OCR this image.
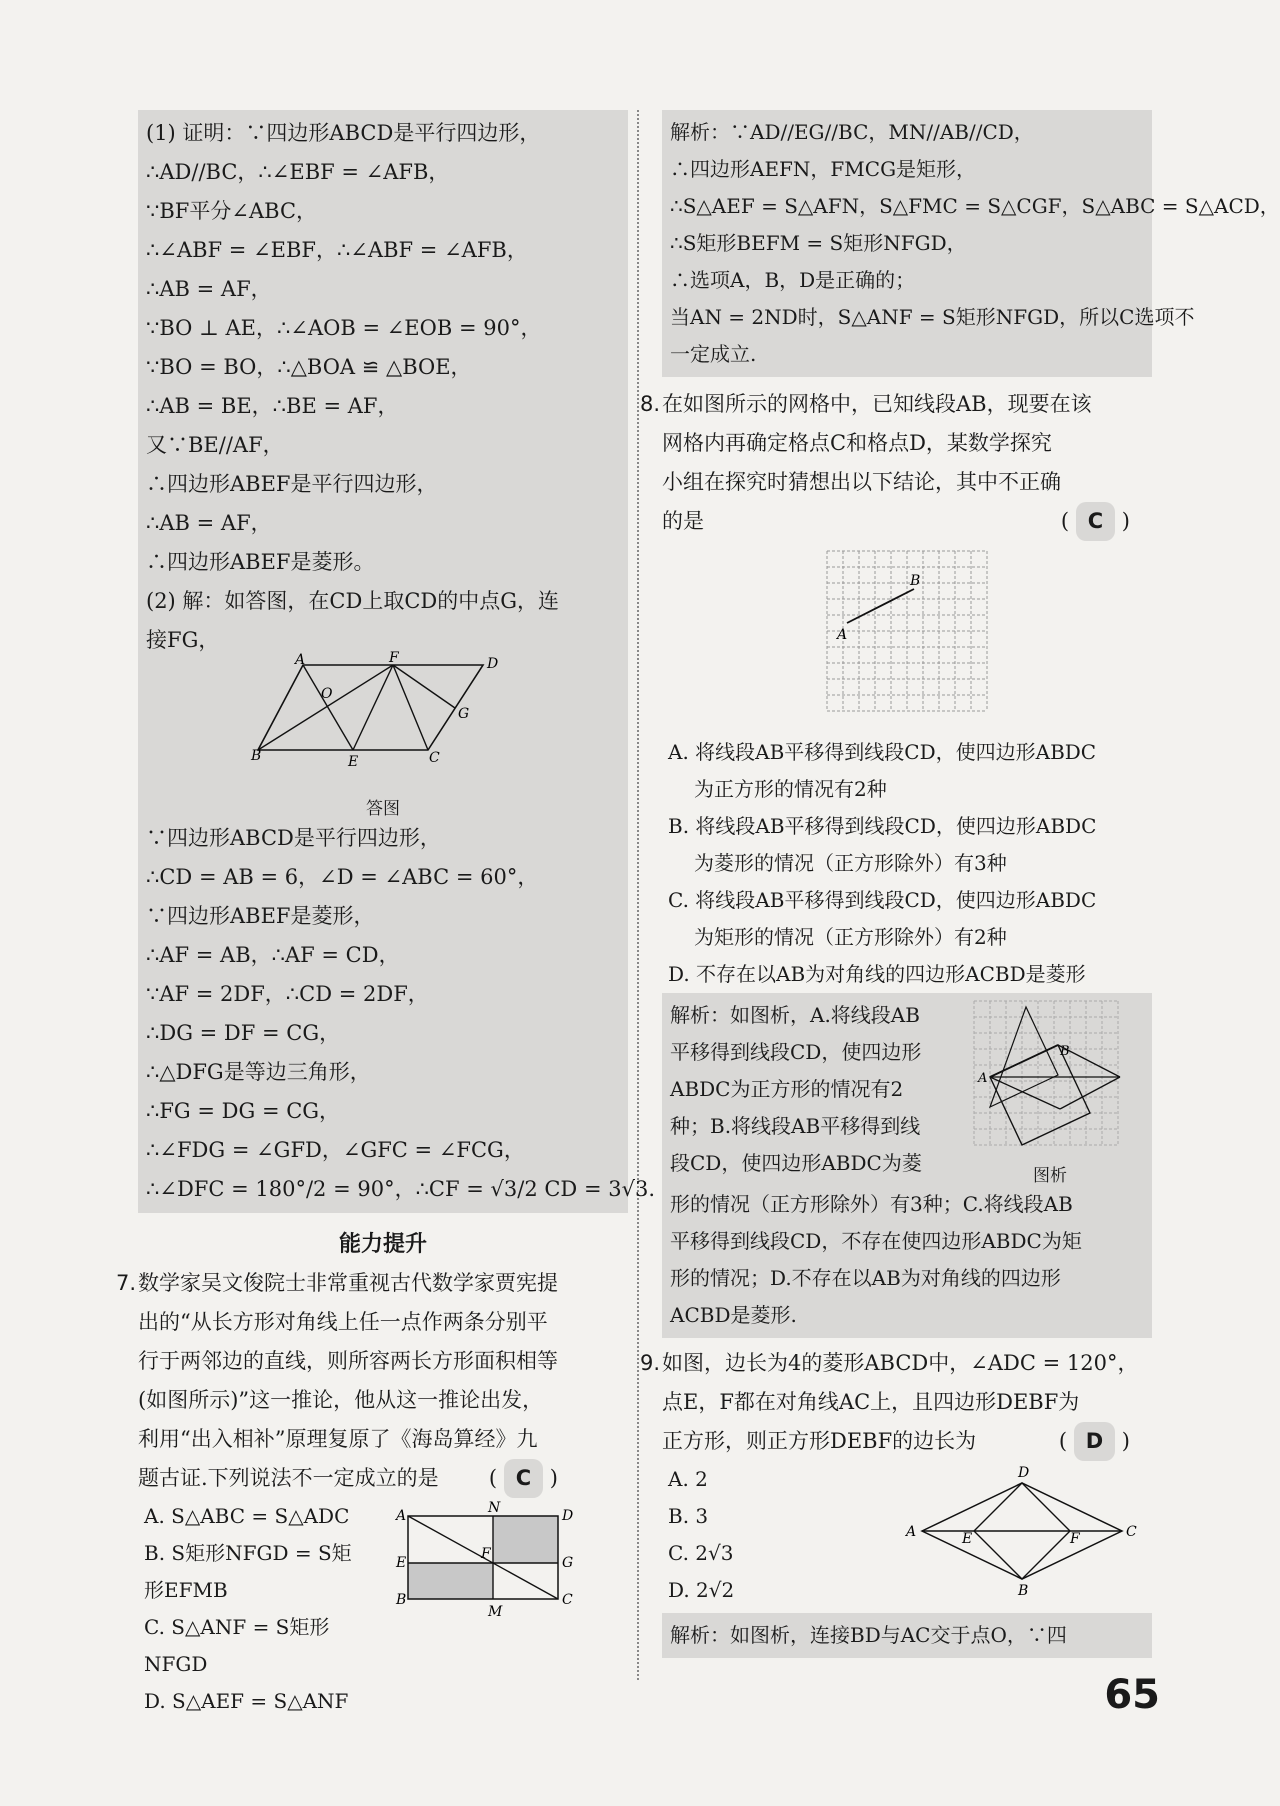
(1) 证明：∵四边形ABCD是平行四边形，
∴AD//BC，∴∠EBF = ∠AFB，
∵BF平分∠ABC，
∴∠ABF = ∠EBF，∴∠ABF = ∠AFB，
∴AB = AF，
∵BO ⊥ AE，∴∠AOB = ∠EOB = 90°，
∵BO = BO，∴△BOA ≌ △BOE，
∴AB = BE，∴BE = AF，
又∵BE//AF，
∴四边形ABEF是平行四边形，
∴AB = AF，
∴四边形ABEF是菱形。
(2) 解：如答图，在CD上取CD的中点G，连
接FG，
A	F	D
O
G
B	E	C
答图
∵四边形ABCD是平行四边形，
∴CD = AB = 6，∠D = ∠ABC = 60°，
∵四边形ABEF是菱形，
∴AF = AB，∴AF = CD，
∵AF = 2DF，∴CD = 2DF，
∴DG = DF = CG，
∴△DFG是等边三角形，
∴FG = DG = CG，
∴∠FDG = ∠GFD，∠GFC = ∠FCG，
∴∠DFC = 180°/2 = 90°，∴CF = √3/2 CD = 3√3.
能力提升
7. 数学家吴文俊院士非常重视古代数学家贾宪提
出的“从长方形对角线上任一点作两条分别平
行于两邻边的直线，则所容两长方形面积相等
(如图所示)”这一推论，他从这一推论出发，
利用“出入相补”原理复原了《海岛算经》九
题古证.下列说法不一定成立的是 ( C )
A. S△ABC = S△ADC
B. S矩形NFGD = S矩形EFMB
C. S△ANF = S矩形NFGD
D. S△AEF = S△ANF
A	N	D
E
F
G
B
M
C
解析：∵AD//EG//BC，MN//AB//CD，
∴四边形AEFN，FMCG是矩形，
∴S△AEF = S△AFN，S△FMC = S△CGF，S△ABC = S△ACD，
∴S矩形BEFM = S矩形NFGD，
∴选项A，B，D是正确的；
当AN = 2ND时，S△ANF = S矩形NFGD，所以C选项不
一定成立.
8. 在如图所示的网格中，已知线段AB，现要在该
网格内再确定格点C和格点D，某数学探究
小组在探究时猜想出以下结论，其中不正确
的是	( C )
A
B
A. 将线段AB平移得到线段CD，使四边形ABDC
为正方形的情况有2种
B. 将线段AB平移得到线段CD，使四边形ABDC
为菱形的情况（正方形除外）有3种
C. 将线段AB平移得到线段CD，使四边形ABDC
为矩形的情况（正方形除外）有2种
D. 不存在以AB为对角线的四边形ACBD是菱形
解析：如图析，A.将线段AB
平移得到线段CD，使四边形
ABDC为正方形的情况有2
种；B.将线段AB平移得到线
段CD，使四边形ABDC为菱
A
B
图析
形的情况（正方形除外）有3种；C.将线段AB
平移得到线段CD，不存在使四边形ABDC为矩
形的情况；D.不存在以AB为对角线的四边形
ACBD是菱形.
9. 如图，边长为4的菱形ABCD中，∠ADC = 120°，
点E，F都在对角线AC上，且四边形DEBF为
正方形，则正方形DEBF的边长为	( D )
A. 2
B. 3
C. 2√3
D. 2√2
D
A	E	F	C
B
解析：如图析，连接BD与AC交于点O，∵四
65
